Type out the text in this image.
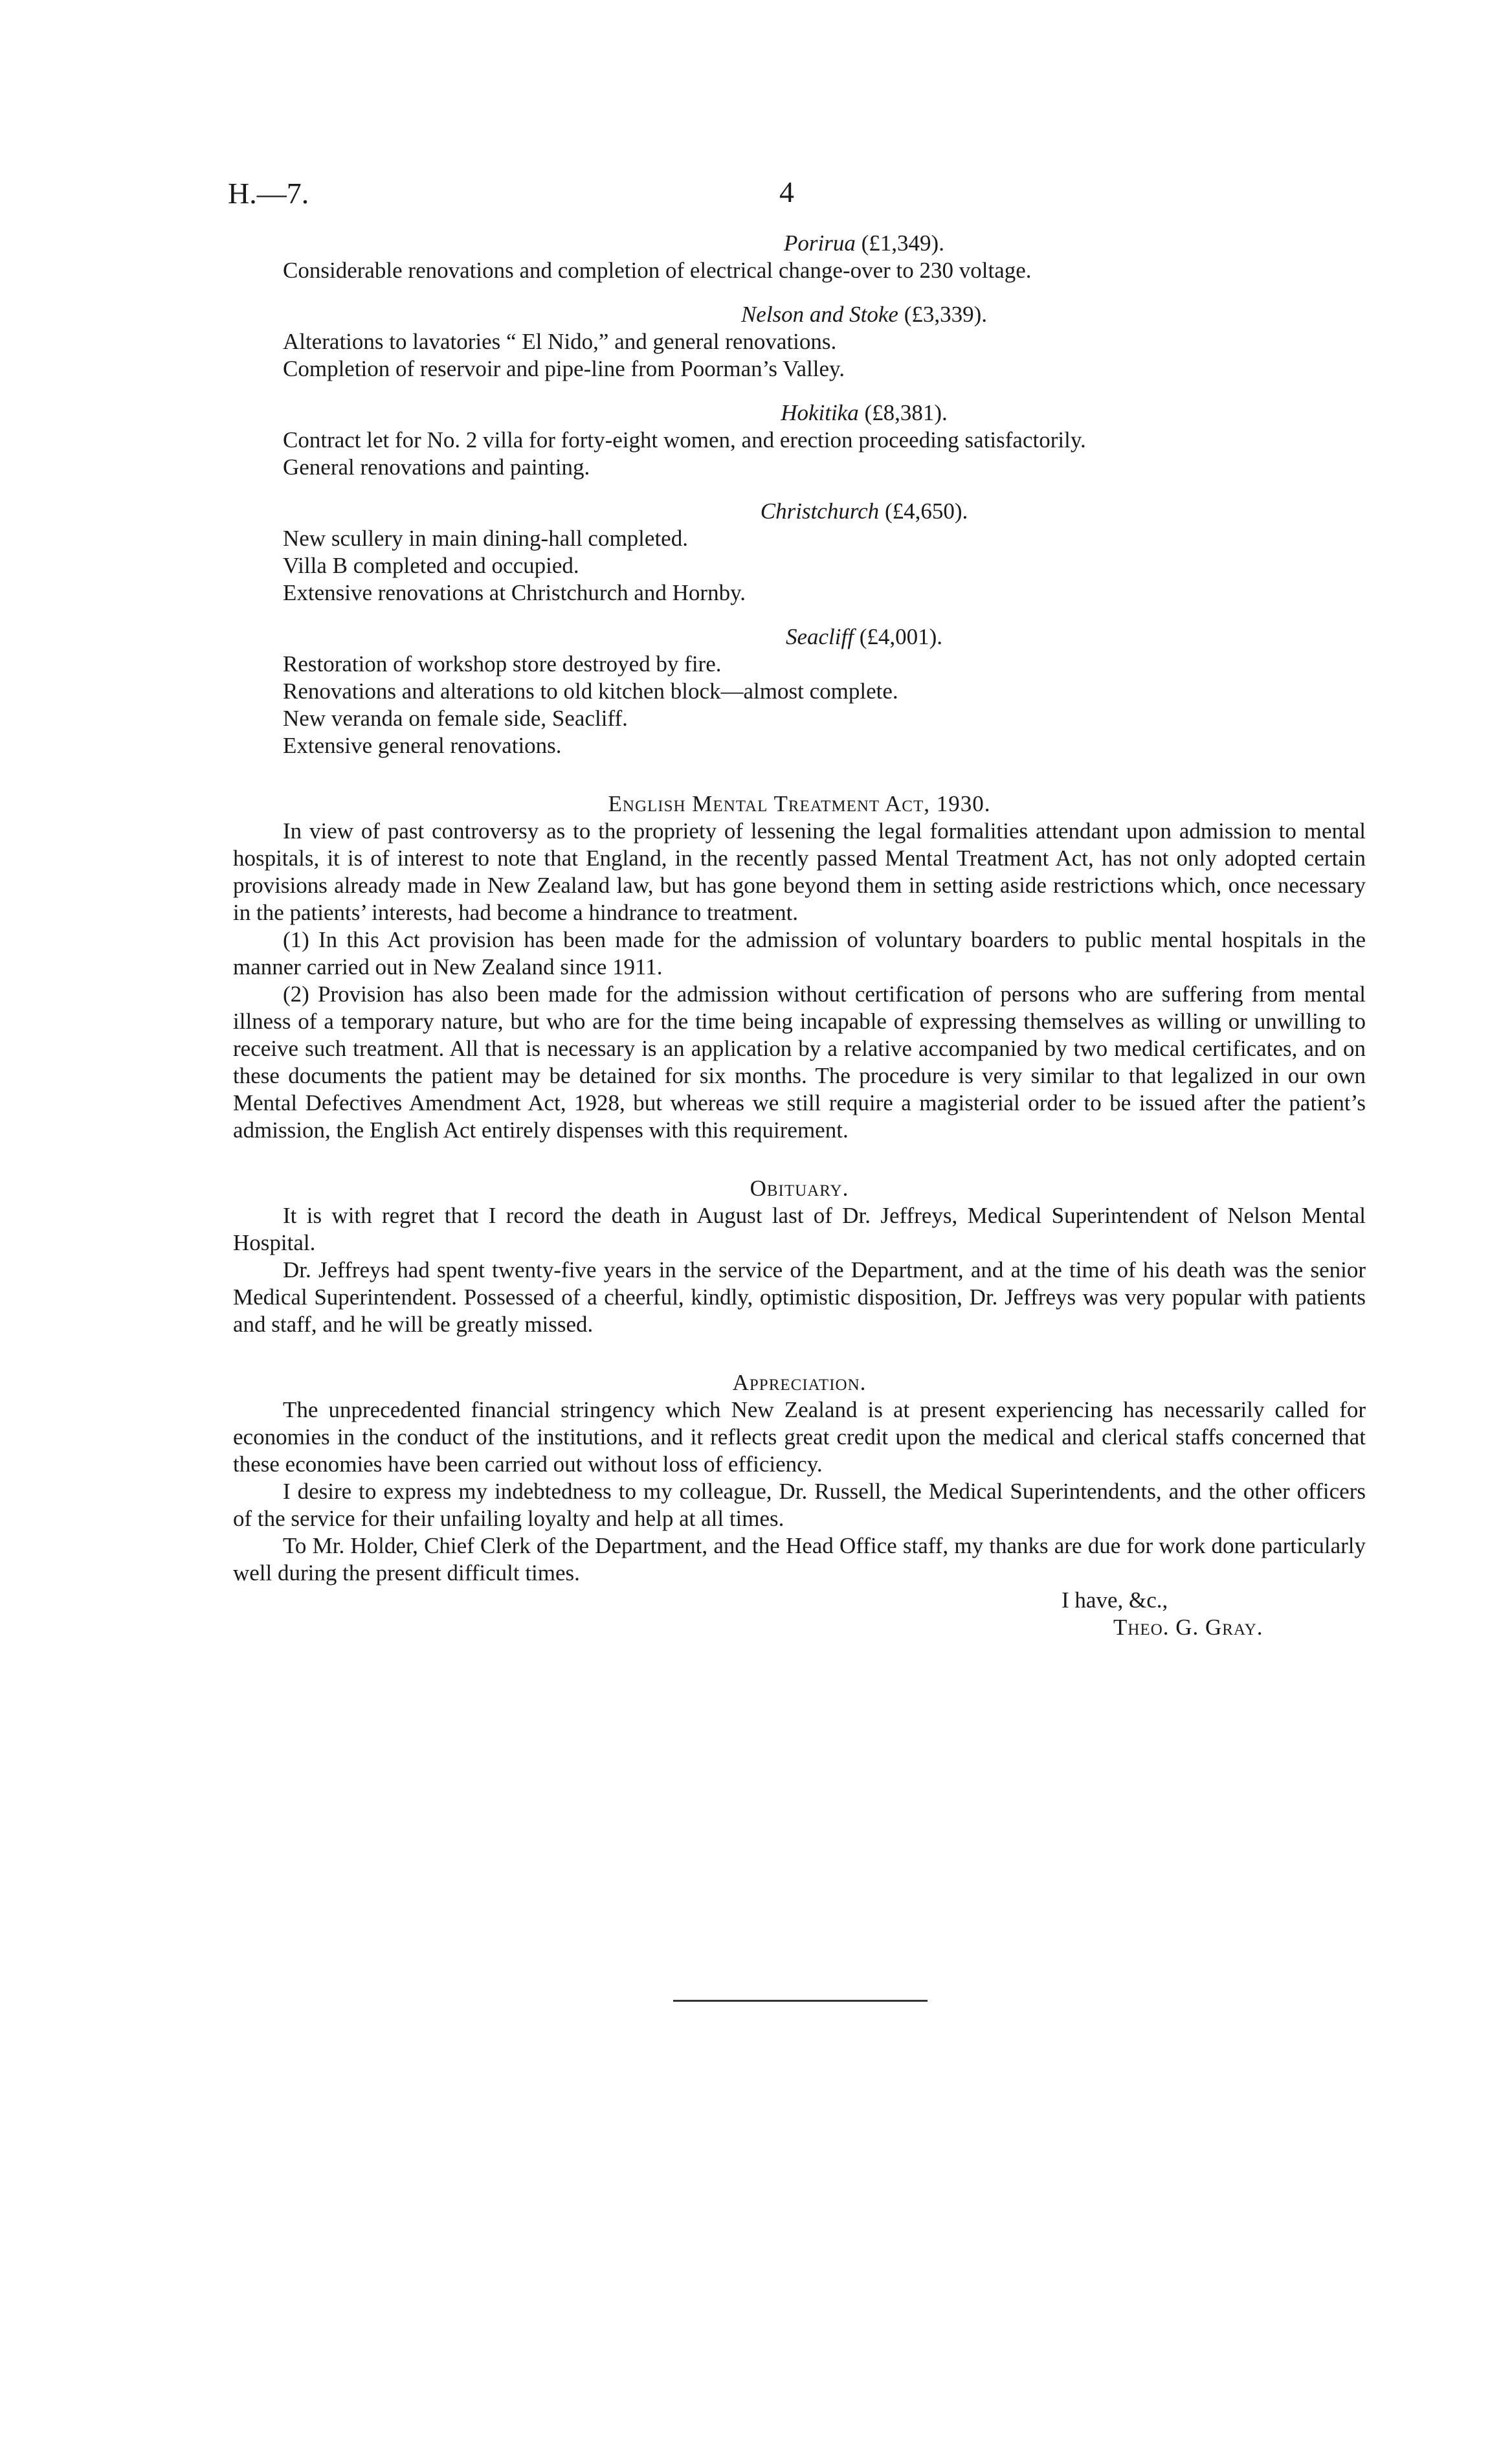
H.—7.	4

Porirua (£1,349).

Considerable renovations and completion of electrical change-over to 230 voltage.

Nelson and Stoke (£3,339).

Alterations to lavatories “ El Nido,” and general renovations.

Completion of reservoir and pipe-line from Poorman’s Valley.

Hokitika (£8,381).

Contract let for No. 2 villa for forty-eight women, and erection proceeding satisfactorily.

General renovations and painting.

Christchurch (£4,650).

New scullery in main dining-hall completed.

Villa B completed and occupied.

Extensive renovations at Christchurch and Hornby.

Seacliff (£4,001).

Restoration of workshop store destroyed by fire.

Renovations and alterations to old kitchen block—almost complete.

New veranda on female side, Seacliff.

Extensive general renovations.

English Mental Treatment Act, 1930.

In view of past controversy as to the propriety of lessening the legal formalities attendant upon admission to mental hospitals, it is of interest to note that England, in the recently passed Mental Treatment Act, has not only adopted certain provisions already made in New Zealand law, but has gone beyond them in setting aside restrictions which, once necessary in the patients’ interests, had become a hindrance to treatment.

(1) In this Act provision has been made for the admission of voluntary boarders to public mental hospitals in the manner carried out in New Zealand since 1911.

(2) Provision has also been made for the admission without certification of persons who are suffering from mental illness of a temporary nature, but who are for the time being incapable of expressing themselves as willing or unwilling to receive such treatment. All that is necessary is an application by a relative accompanied by two medical certificates, and on these documents the patient may be detained for six months. The procedure is very similar to that legalized in our own Mental Defectives Amendment Act, 1928, but whereas we still require a magisterial order to be issued after the patient’s admission, the English Act entirely dispenses with this requirement.

Obituary.

It is with regret that I record the death in August last of Dr. Jeffreys, Medical Superintendent of Nelson Mental Hospital.

Dr. Jeffreys had spent twenty-five years in the service of the Department, and at the time of his death was the senior Medical Superintendent. Possessed of a cheerful, kindly, optimistic disposition, Dr. Jeffreys was very popular with patients and staff, and he will be greatly missed.

Appreciation.

The unprecedented financial stringency which New Zealand is at present experiencing has necessarily called for economies in the conduct of the institutions, and it reflects great credit upon the medical and clerical staffs concerned that these economies have been carried out without loss of efficiency.

I desire to express my indebtedness to my colleague, Dr. Russell, the Medical Superintendents, and the other officers of the service for their unfailing loyalty and help at all times.

To Mr. Holder, Chief Clerk of the Department, and the Head Office staff, my thanks are due for work done particularly well during the present difficult times.

I have, &c.,

Theo. G. Gray.
